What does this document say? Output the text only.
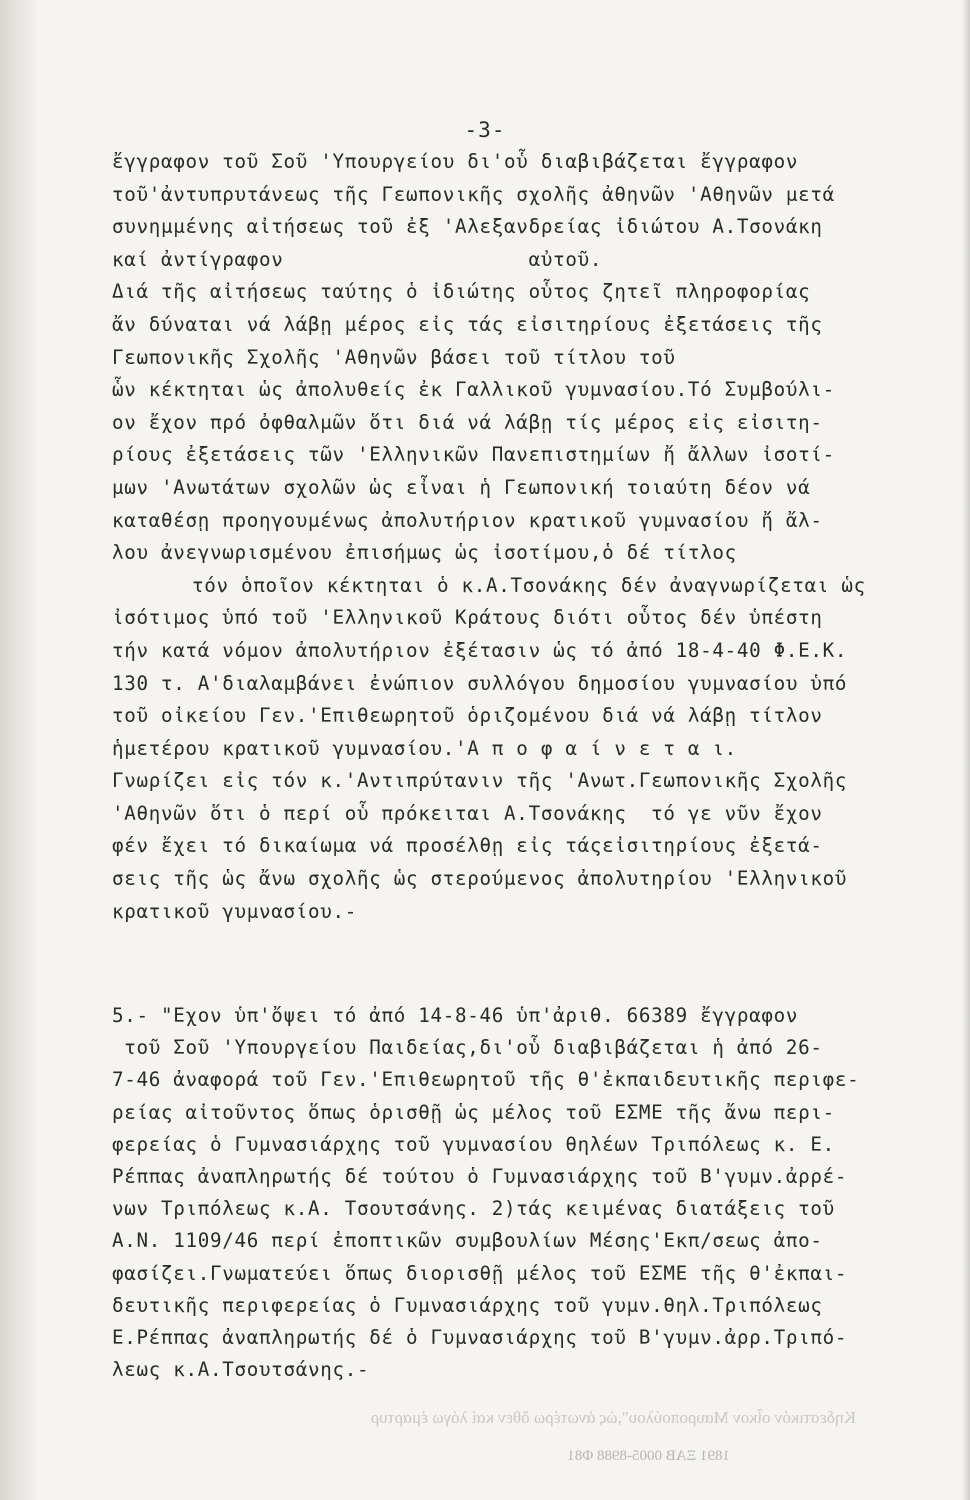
-3-
ἔγγραφον τοῦ Σοῦ 'Υπουργείου δι'οὗ διαβιβάζεται ἔγγραφον
τοῦ'ἀντυπρυτάνεως τῆς Γεωπονικῆς σχολῆς ἀθηνῶν 'Αθηνῶν μετά
συνημμένης αἰτήσεως τοῦ ἐξ 'Αλεξανδρείας ἰδιώτου Α.Τσονάκη
καί ἀντίγραφον                    αὐτοῦ.
Διά τῆς αἰτήσεως ταύτης ὁ ἰδιώτης οὗτος ζητεῖ πληροφορίας
ἄν δύναται νά λάβῃ μέρος εἰς τάς εἰσιτηρίους ἐξετάσεις τῆς
Γεωπονικῆς Σχολῆς 'Αθηνῶν βάσει τοῦ τίτλου τοῦ
ὧν κέκτηται ὡς ἀπολυθείς ἐκ Γαλλικοῦ γυμνασίου.Τό Συμβούλι-
ον ἔχον πρό ὀφθαλμῶν ὅτι διά νά λάβῃ τίς μέρος εἰς εἰσιτη-
ρίους ἐξετάσεις τῶν 'Ελληνικῶν Πανεπιστημίων ἤ ἄλλων ἰσοτί-
μων 'Ανωτάτων σχολῶν ὡς εἶναι ἡ Γεωπονική τοιαύτη δέον νά
καταθέσῃ προηγουμένως ἀπολυτήριον κρατικοῦ γυμνασίου ἤ ἄλ-
λου ἀνεγνωρισμένου ἐπισήμως ὡς ἰσοτίμου,ὁ δέ τίτλος
τόν ὁποῖον κέκτηται ὁ κ.Α.Τσονάκης δέν ἀναγνωρίζεται ὡς
ἰσότιμος ὑπό τοῦ 'Ελληνικοῦ Κράτους διότι οὗτος δέν ὑπέστη
τήν κατά νόμον ἀπολυτήριον ἐξέτασιν ὡς τό ἀπό 18-4-40 Φ.Ε.Κ.
130 τ. Α'διαλαμβάνει ἐνώπιον συλλόγου δημοσίου γυμνασίου ὑπό
τοῦ οἰκείου Γεν.'Επιθεωρητοῦ ὁριζομένου διά νά λάβῃ τίτλον
ἡμετέρου κρατικοῦ γυμνασίου.'Α π ο φ α ί ν ε τ α ι.
Γνωρίζει εἰς τόν κ.'Αντιπρύτανιν τῆς 'Ανωτ.Γεωπονικῆς Σχολῆς
'Αθηνῶν ὅτι ὁ περί οὗ πρόκειται Α.Τσονάκης  τό γε νῦν ἔχον
φέν ἔχει τό δικαίωμα νά προσέλθῃ εἰς τάςεἰσιτηρίους ἐξετά-
σεις τῆς ὡς ἄνω σχολῆς ὡς στερούμενος ἀπολυτηρίου 'Ελληνικοῦ
κρατικοῦ γυμνασίου.-
5.- "Εχον ὑπ'ὄψει τό ἀπό 14-8-46 ὑπ'ἀριθ. 66389 ἔγγραφον
τοῦ Σοῦ 'Υπουργείου Παιδείας,δι'οὗ διαβιβάζεται ἡ ἀπό 26-
7-46 ἀναφορά τοῦ Γεν.'Επιθεωρητοῦ τῆς θ'ἐκπαιδευτικῆς περιφε-
ρείας αἰτοῦντος ὅπως ὁρισθῇ ὡς μέλος τοῦ ΕΣΜΕ τῆς ἄνω περι-
φερείας ὁ Γυμνασιάρχης τοῦ γυμνασίου θηλέων Τριπόλεως κ. Ε.
Ρέππας ἀναπληρωτής δέ τούτου ὁ Γυμνασιάρχης τοῦ Β'γυμν.ἀρρέ-
νων Τριπόλεως κ.Α. Τσουτσάνης. 2)τάς κειμένας διατάξεις τοῦ
Α.Ν. 1109/46 περί ἐποπτικῶν συμβουλίων Μέσης'Εκπ/σεως ἀπο-
φασίζει.Γνωματεύει ὅπως διορισθῇ μέλος τοῦ ΕΣΜΕ τῆς θ'ἐκπαι-
δευτικῆς περιφερείας ὁ Γυμνασιάρχης τοῦ γυμν.θηλ.Τριπόλεως
Ε.Ρέππας ἀναπληρωτής δέ ὁ Γυμνασιάρχης τοῦ Β'γυμν.ἀρρ.Τριπό-
λεως κ.Α.Τσουτσάνης.-
Κηδεστικόν οἶκον Μαυροπούλου",ὡς ἀνωτέρω ὅθεν καί λόγω ἐμαρτυρ
1891 ΞΑΒ 0005-8988 Φ81
